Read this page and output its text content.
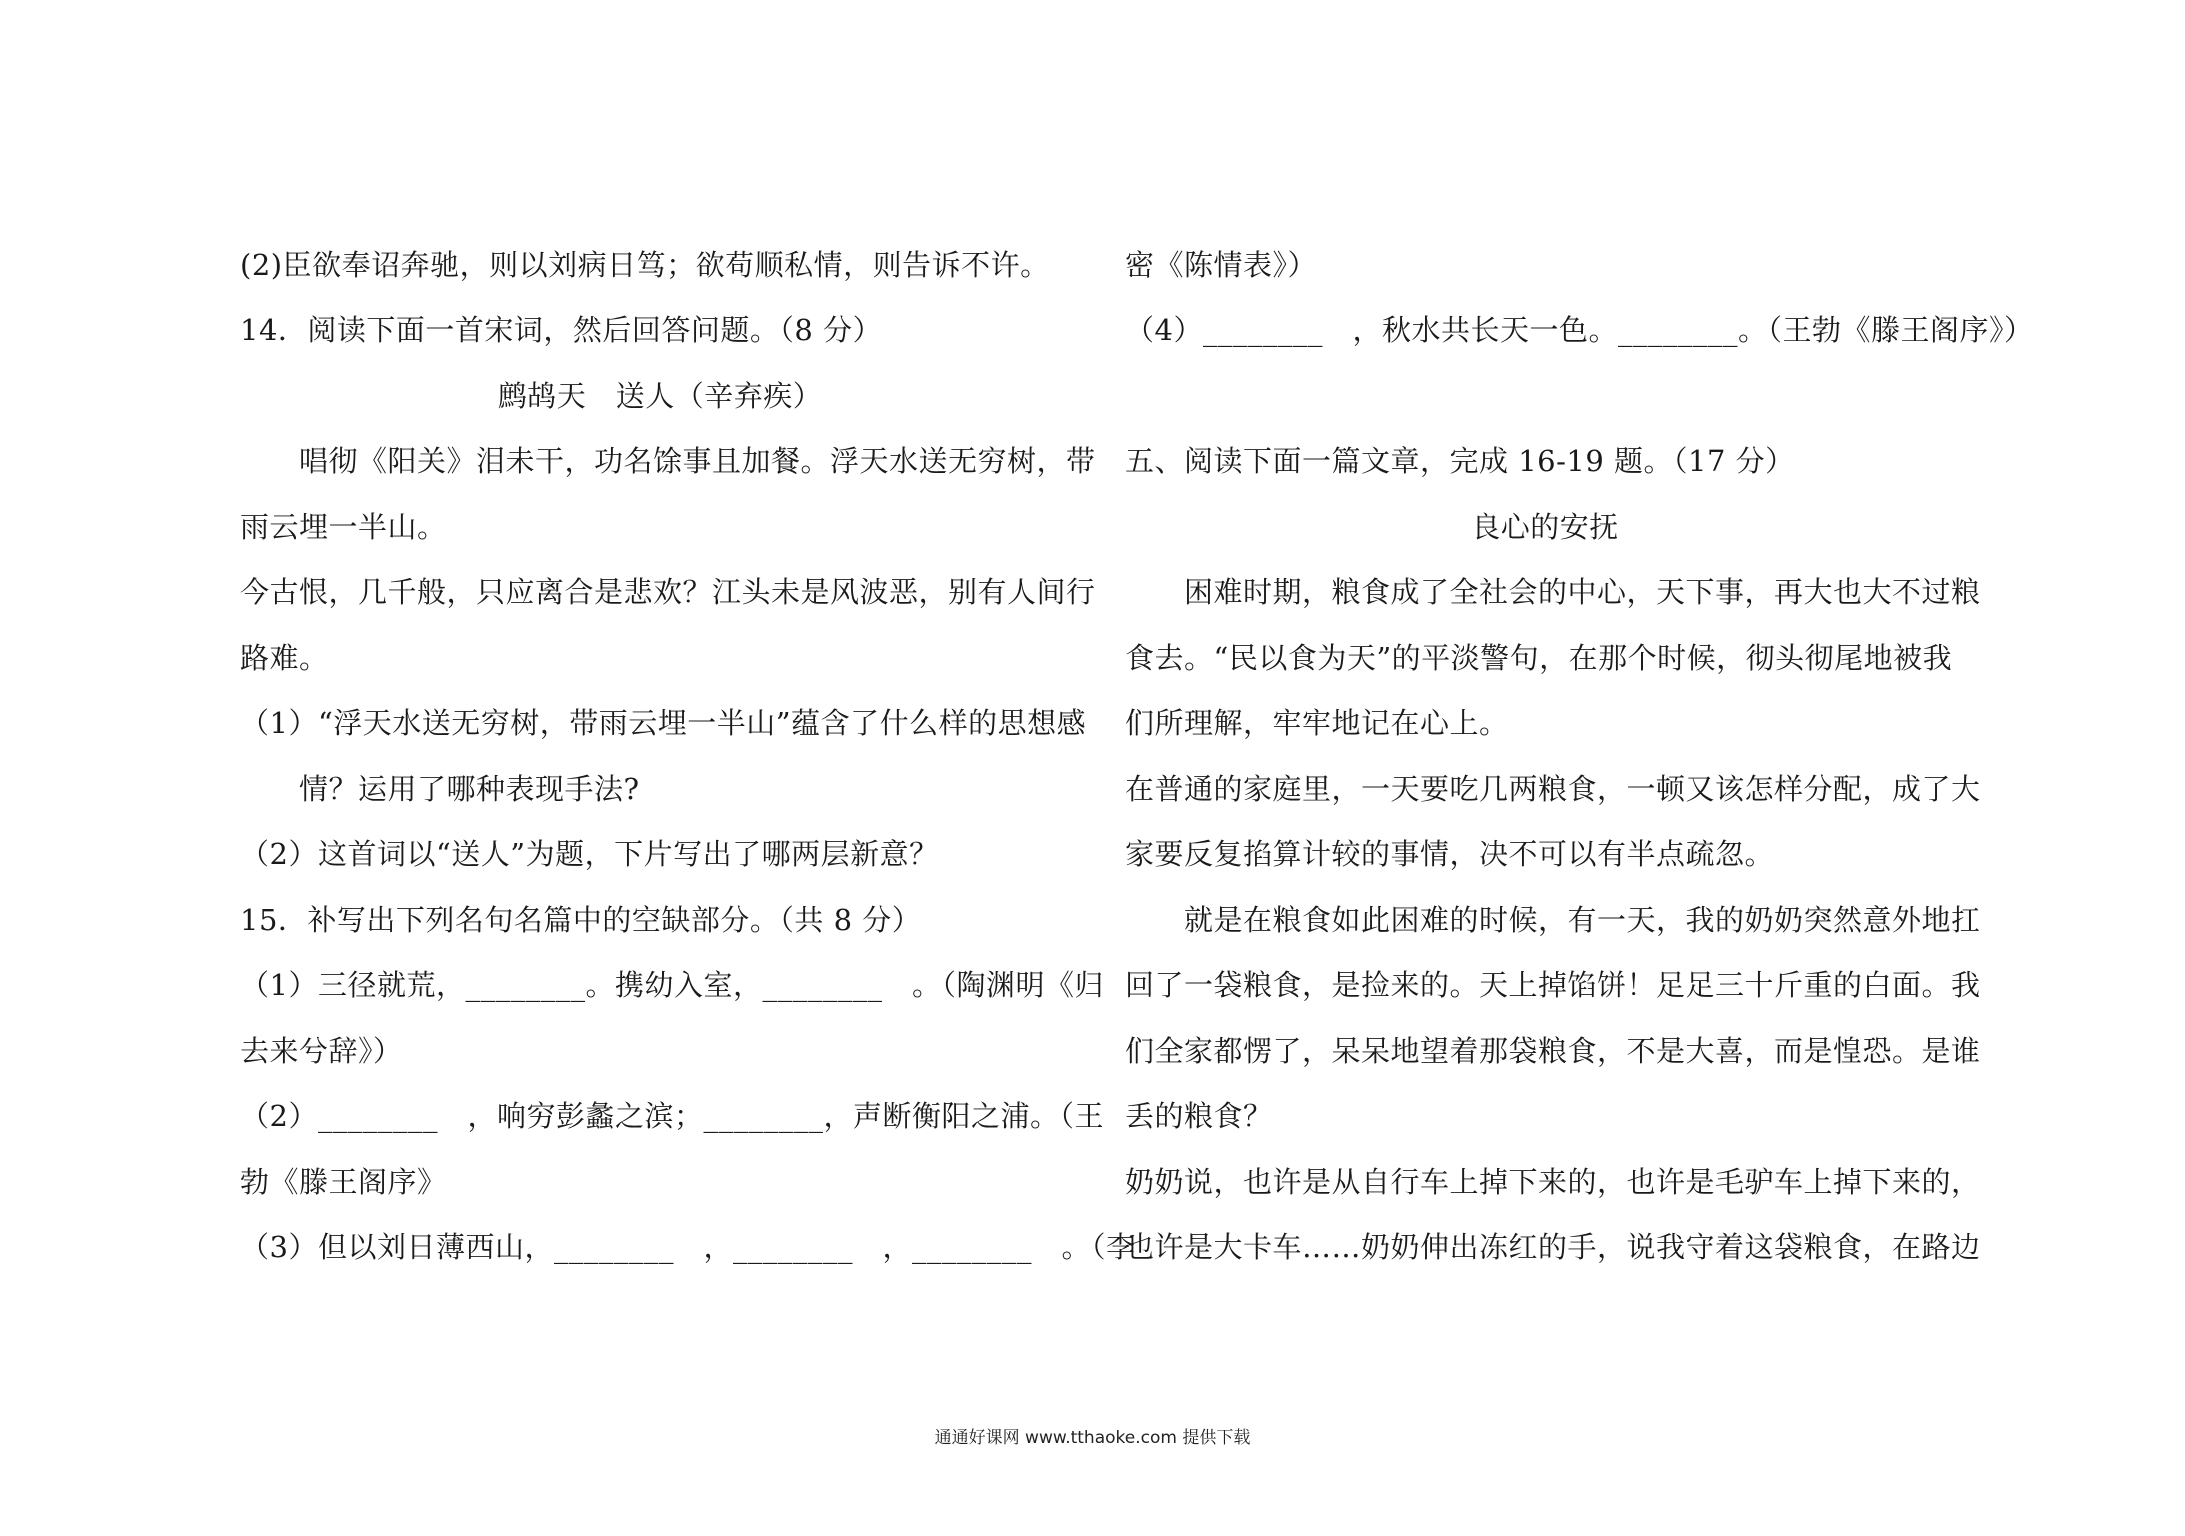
(2)臣欲奉诏奔驰，则以刘病日笃；欲苟顺私情，则告诉不许。
14．阅读下面一首宋词，然后回答问题。（8 分）
鹧鸪天　送人（辛弃疾）
　　唱彻《阳关》泪未干，功名馀事且加餐。浮天水送无穷树，带
雨云埋一半山。
今古恨，几千般，只应离合是悲欢？江头未是风波恶，别有人间行
路难。
（1）“浮天水送无穷树，带雨云埋一半山”蕴含了什么样的思想感
　　情？运用了哪种表现手法?
（2）这首词以“送人”为题，下片写出了哪两层新意？
15．补写出下列名句名篇中的空缺部分。（共 8 分）
（1）三径就荒，________。携幼入室，________　。（陶渊明《归
去来兮辞》）
（2）________　，响穷彭蠡之滨；________，声断衡阳之浦。（王
勃《滕王阁序》
（3）但以刘日薄西山，________　，________　，________　。（李
密《陈情表》）
（4）________　，秋水共长天一色。________。（王勃《滕王阁序》）
五、阅读下面一篇文章，完成 16-19 题。（17 分）
良心的安抚
　　困难时期，粮食成了全社会的中心，天下事，再大也大不过粮
食去。“民以食为天”的平淡警句，在那个时候，彻头彻尾地被我
们所理解，牢牢地记在心上。
在普通的家庭里，一天要吃几两粮食，一顿又该怎样分配，成了大
家要反复掐算计较的事情，决不可以有半点疏忽。
　　就是在粮食如此困难的时候，有一天，我的奶奶突然意外地扛
回了一袋粮食，是捡来的。天上掉馅饼！足足三十斤重的白面。我
们全家都愣了，呆呆地望着那袋粮食，不是大喜，而是惶恐。是谁
丢的粮食？
奶奶说，也许是从自行车上掉下来的，也许是毛驴车上掉下来的，
也许是大卡车……奶奶伸出冻红的手，说我守着这袋粮食，在路边
通通好课网 www.tthaoke.com 提供下载
